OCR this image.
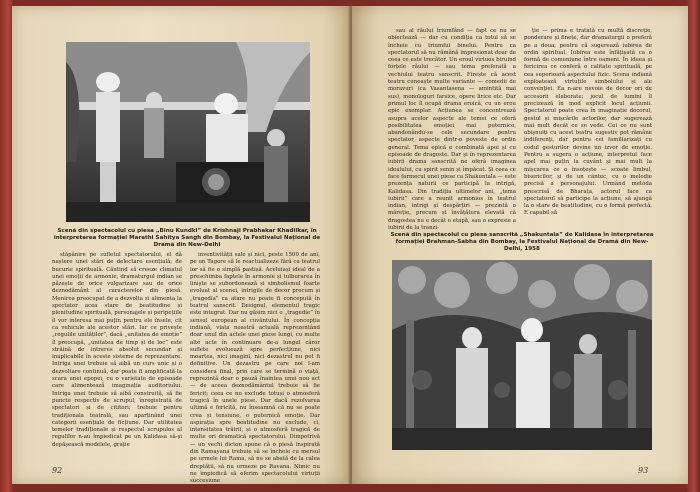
Scenă din spectacolul cu piesa „Binu Kundki” de Krishnaji Prabhakar Khadilkar, în interpretarea formației Marathi Sahitya Sangh din Bombay, la Festivalul Național de Dramă din New-Delhi

stăpânire pe sufletul spectatorului, el dă naștere unei stări de delectare esențială, de bucurie spirituală. Căutind să creeze climatul unei emoții de armonie, dramaturgul indian se păzește de orice vulgarizare sau de orice deznodământ al caracterelor din piesă. Menirea preocupat de a dezvolta și alimenta la spectator acea stare de beatitudine și plenitudine spirituală, personajele și peripețiile îl vor interesa mai puțin pentru ele însele, cit ca vehicule ale acestor stări. Iar ce privește „regulile unităților”, dacă „unitatea de emoție” îl preocupă, „unitatea de timp și de loc” este străină de intreres absolut secundar și inaplicabile în aceste sisteme de reprezentare. Intriga unei trebuie să aibă un curs unic și o dezvoltare continuă, dar poate fi amplificată la scara unei epopei, cu o varietate de episoade care alimentează imaginația auditoriului. Intriga unei trebuie să aibă construită, să fie puncte respectiv de scrupul, înregistrată de spectatori și de cititori; trebuie pentru tradiționala teatrală, sau aparținând unei categorii esențiale de ficțiune. Dar utilitatea temelor tradiționale și respectul scrupulos al regulilor n-au împiedicat pe un Kalidasa să-și depășească modelele, grație

inventivității sale și nici, peste 1500 de ani, pe un Tagore să le reactualizeze fără ca teatrul lor să fie o simplă pastișă. Aceluiași ideal de a preschimba faptele în armonie și tulburarea în liniște se subordonează și simbolismul foarte evoluat al scenei, intrigile de decor precum și „tragedia” ca atare nu poate fi concepută în teatrul sanscrit. Designul, elementul tragic este integrat. Dar nu găsim nici o „tragedie” în sensul european al cuvântului. În concepția indiană, viața noastră actuală reprezentând doar unul din actele unei piese lungi, cu multe alte acte în continuare de-a lungul căror suflete evoluează spre perfecțiune, nici moartea, nici imagini, nici dezastrul nu pot fi definitive. Un dezastru pe care noi l-am considera final, prin care se termină o viață, reprezintă doar o pauză înaintea unui nou act — de aceea deznodământul trebuie să fie fericit; ceea ce nu exclude totuși o atmosferă tragică în unele piese. Dar dacă rezolvarea ultimă e fericită, nu înseamnă că nu se poate crea și tensiune, o puternică emoție. Dar aspirația spre beatitudine nu exclude, ci, intensitatea trăirii, și o atmosferă tragică de multe ori dramatică spectatorului. Dimpotrivă — un vechi dicton spune că o piesă inspirată din Ramayana trebuie să se încheie cu mersul pe urmele lui Rama, să nu se abată de la calea dreptății, să nu urmeze pe Ravana. Nimic nu ne împiedică să oferim spectacolului virtuții succesiune

92

sau al răului triumfând — fapt ce nu se obiectează — dar cu condiția ca totul să se încheie cu triumful binelui. Pentru ca spectatorul să nu rămână impresionat doar de ceea ce este trecător. Un eroul virtuos biruind forțele răului — sau tema preferată a vechiului teatru sanscrit. Firește că acest teatru cunoaște multe variante — comedii de moravuri (ca Vasantasena — amintită mai sus), monologuri farsice, opere lirice etc. Dar primul loc îl ocupă drama eroică, cu un erou epic exemplar. Acțiunea se concentrează asupra acelor aspecte ale temei ce oferă posibilitatea emoției mai puternice, abandonându-se cele secundare pentru spectator, aspecte dintr-o poveste de ordin general. Tema epică e combinată apoi și cu episoade de dragoste. Dar și în reprezentarea iubirii drama sanscrită ne oferă imaginea idealului, cu spirit senin și împăcat. Și ceea ce face farmecul unei piese ca Shakuntala — este prezența naturii ce participă la intrigă, Kalidasa. Din tradiția ultimelor ani, „tema iubirii” care a reunit armonios în teatrul indian, intrigi și despărțiri — prezintă o măreție, precum și învățătura elevată că dragostea nu e decât o etapă, sau o expresie a iubirii de la tranzi-

ție — prima e tratată cu multă discreție, ponderare și finețe, dar dramaturgii o preferă pe a doua, pentru că sugerează iubirea de ordin spiritual. Iubirea este înfățișată ca o formă de comuniune între oameni. În ideea și fericirea ce conferă o calitate spirituală, pe cea superioară aspectului fizic. Scena indiană exploatează virtuțile simbolului și ale convenției. Ea n-are nevoie de decor ori de accesorii elaborate; jocul de lumini îl precizează în mod explicit locul acțiunii. Spectatorul poate crea în imaginație decorul, gestul și mișcările actorilor, dar sugerează mai mult decât ce se vede. Cei ce nu sunt obișnuiți cu acest teatru sugestiv pot rămâne indiferenți, dar pentru cei familiarizați cu codul gesturilor devine un izvor de emoție. Pentru a sugera o acțiune, interpretul face apel mai puțin la cuvânt și mai mult la mișcarea ce o însoțește — scoate limbul, bisericilor, și de un cântec, cu o melodie precisă a personajului. Urmând metoda prescrisă de Bharata, actorul face ca spectatorul să participe la acțiune, să ajungă la o stare de beatitudine, cu o formă perfectă. E capabil să

Scenă din spectacolul cu piesa sanscrită „Shakuntala” de Kalidasa în interpretarea formației Brahman-Sabha din Bombay, la Festivalul Național de Dramă din New-Delhi, 1958
93
